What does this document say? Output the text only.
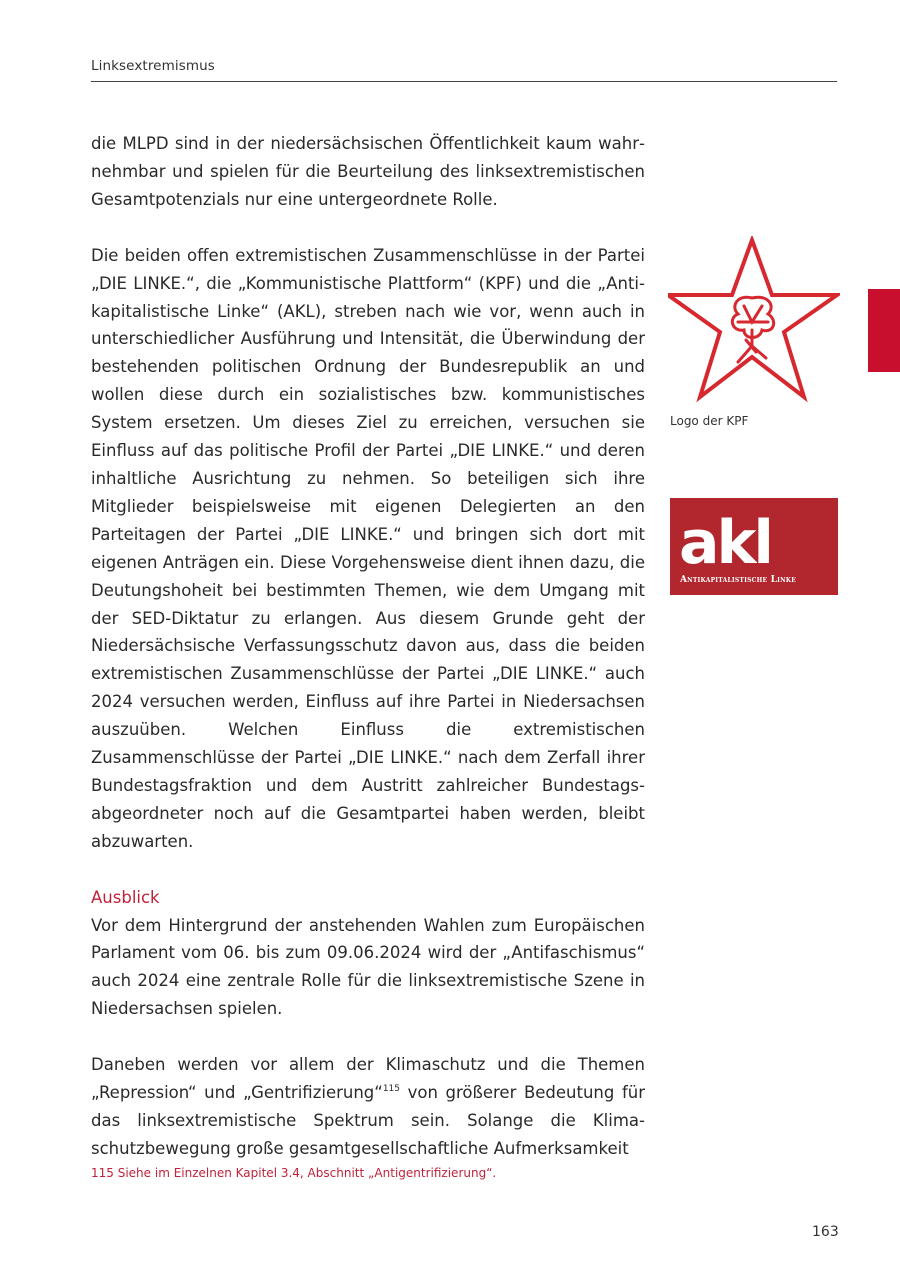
Linksextremismus

die MLPD sind in der niedersächsischen Öffentlichkeit kaum wahrnehmbar und spielen für die Beurteilung des linksextremistischen Gesamtpotenzials nur eine untergeordnete Rolle.

Die beiden offen extremistischen Zusammenschlüsse in der Partei „DIE LINKE.“, die „Kommunistische Plattform“ (KPF) und die „Antikapitalistische Linke“ (AKL), streben nach wie vor, wenn auch in unterschiedlicher Ausführung und Intensität, die Überwindung der bestehenden politischen Ordnung der Bundesrepublik an und wollen diese durch ein sozialistisches bzw. kommunistisches System ersetzen. Um dieses Ziel zu erreichen, versuchen sie Einfluss auf das politische Profil der Partei „DIE LINKE.“ und deren inhaltliche Ausrichtung zu nehmen. So beteiligen sich ihre Mitglieder beispielsweise mit eigenen Delegierten an den Parteitagen der Partei „DIE LINKE.“ und bringen sich dort mit eigenen Anträgen ein. Diese Vorgehensweise dient ihnen dazu, die Deutungshoheit bei bestimmten Themen, wie dem Umgang mit der SED-Diktatur zu erlangen. Aus diesem Grunde geht der Niedersächsische Verfassungsschutz davon aus, dass die beiden extremistischen Zusammenschlüsse der Partei „DIE LINKE.“ auch 2024 versuchen werden, Einfluss auf ihre Partei in Niedersachsen auszuüben. Welchen Einfluss die extremistischen Zusammenschlüsse der Partei „DIE LINKE.“ nach dem Zerfall ihrer Bundestagsfraktion und dem Austritt zahlreicher Bundestagsabgeordneter noch auf die Gesamtpartei haben werden, bleibt abzuwarten.

Ausblick

Vor dem Hintergrund der anstehenden Wahlen zum Europäischen Parlament vom 06. bis zum 09.06.2024 wird der „Antifaschismus“ auch 2024 eine zentrale Rolle für die linksextremistische Szene in Niedersachsen spielen.

Daneben werden vor allem der Klimaschutz und die Themen „Repression“ und „Gentrifizierung“$^{115}$ von größerer Bedeutung für das linksextremistische Spektrum sein. Solange die Klimaschutzbewegung große gesamtgesellschaftliche Aufmerksamkeit

Logo der KPF
akl
Antikapitalistische Linke
115 Siehe im Einzelnen Kapitel 3.4, Abschnitt „Antigentrifizierung“.
163
